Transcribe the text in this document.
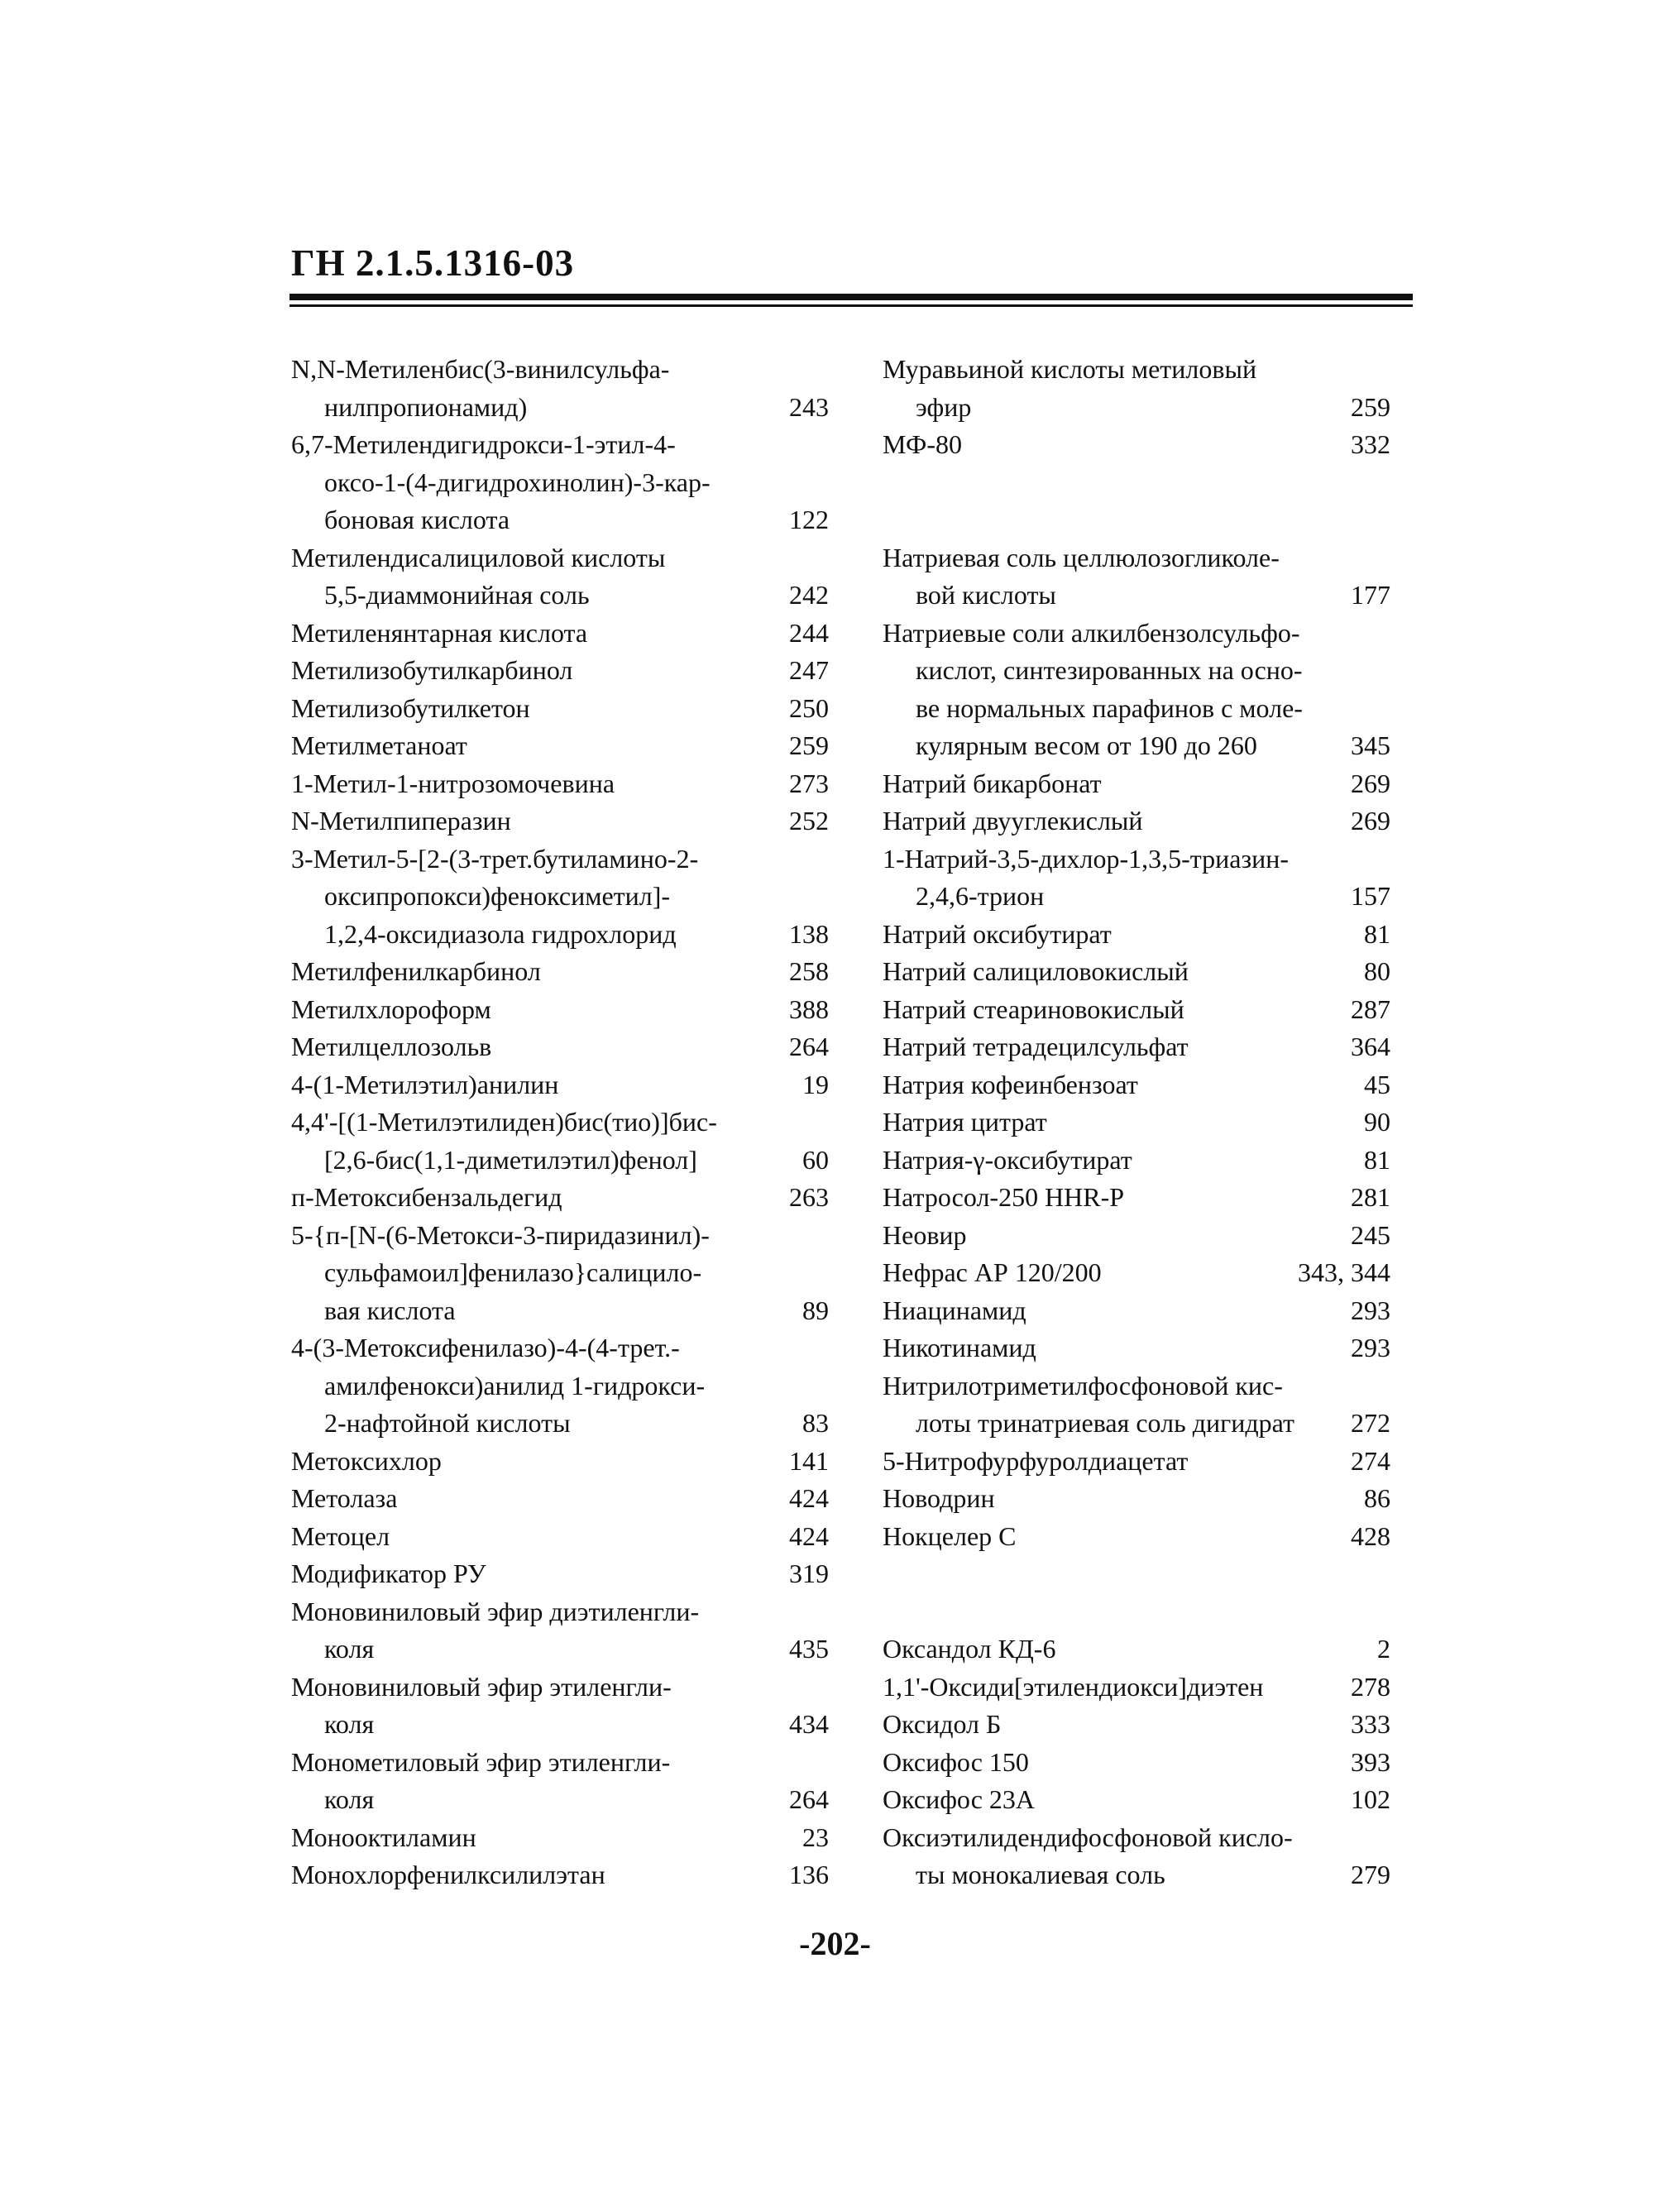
ГН 2.1.5.1316-03
N,N-Метиленбис(3-винилсульфа-
нилпропионамид)	243
6,7-Метилендигидрокси-1-этил-4-
оксо-1-(4-дигидрохинолин)-3-кар-
боновая кислота	122
Метилендисалициловой кислоты
5,5-диаммонийная соль	242
Метиленянтарная кислота	244
Метилизобутилкарбинол	247
Метилизобутилкетон	250
Метилметаноат	259
1-Метил-1-нитрозомочевина	273
N-Метилпиперазин	252
3-Метил-5-[2-(3-трет.бутиламино-2-
оксипропокси)феноксиметил]-
1,2,4-оксидиазола гидрохлорид	138
Метилфенилкарбинол	258
Метилхлороформ	388
Метилцеллозольв	264
4-(1-Метилэтил)анилин	19
4,4'-[(1-Метилэтилиден)бис(тио)]бис-
[2,6-бис(1,1-диметилэтил)фенол]	60
п-Метоксибензальдегид	263
5-{п-[N-(6-Метокси-3-пиридазинил)-
сульфамоил]фенилазо}салицило-
вая кислота	89
4-(3-Метоксифенилазо)-4-(4-трет.-
амилфенокси)анилид 1-гидрокси-
2-нафтойной кислоты	83
Метоксихлор	141
Метолаза	424
Метоцел	424
Модификатор РУ	319
Моновиниловый эфир диэтиленгли-
коля	435
Моновиниловый эфир этиленгли-
коля	434
Монометиловый эфир этиленгли-
коля	264
Монооктиламин	23
Монохлорфенилксилилэтан	136
Муравьиной кислоты метиловый
эфир	259
МФ-80	332
Натриевая соль целлюлозогликоле-
вой кислоты	177
Натриевые соли алкилбензолсульфо-
кислот, синтезированных на осно-
ве нормальных парафинов с моле-
кулярным весом от 190 до 260	345
Натрий бикарбонат	269
Натрий двууглекислый	269
1-Натрий-3,5-дихлор-1,3,5-триазин-
2,4,6-трион	157
Натрий оксибутират	81
Натрий салициловокислый	80
Натрий стеариновокислый	287
Натрий тетрадецилсульфат	364
Натрия кофеинбензоат	45
Натрия цитрат	90
Натрия-γ-оксибутират	81
Натросол-250 ННR-Р	281
Неовир	245
Нефрас АР 120/200	343, 344
Ниацинамид	293
Никотинамид	293
Нитрилотриметилфосфоновой кис-
лоты тринатриевая соль дигидрат	272
5-Нитрофурфуролдиацетат	274
Новодрин	86
Нокцелер С	428
Оксандол КД-6	2
1,1'-Оксиди[этилендиокси]диэтен	278
Оксидол Б	333
Оксифос 150	393
Оксифос 23А	102
Оксиэтилидендифосфоновой кисло-
ты монокалиевая соль	279
-202-
